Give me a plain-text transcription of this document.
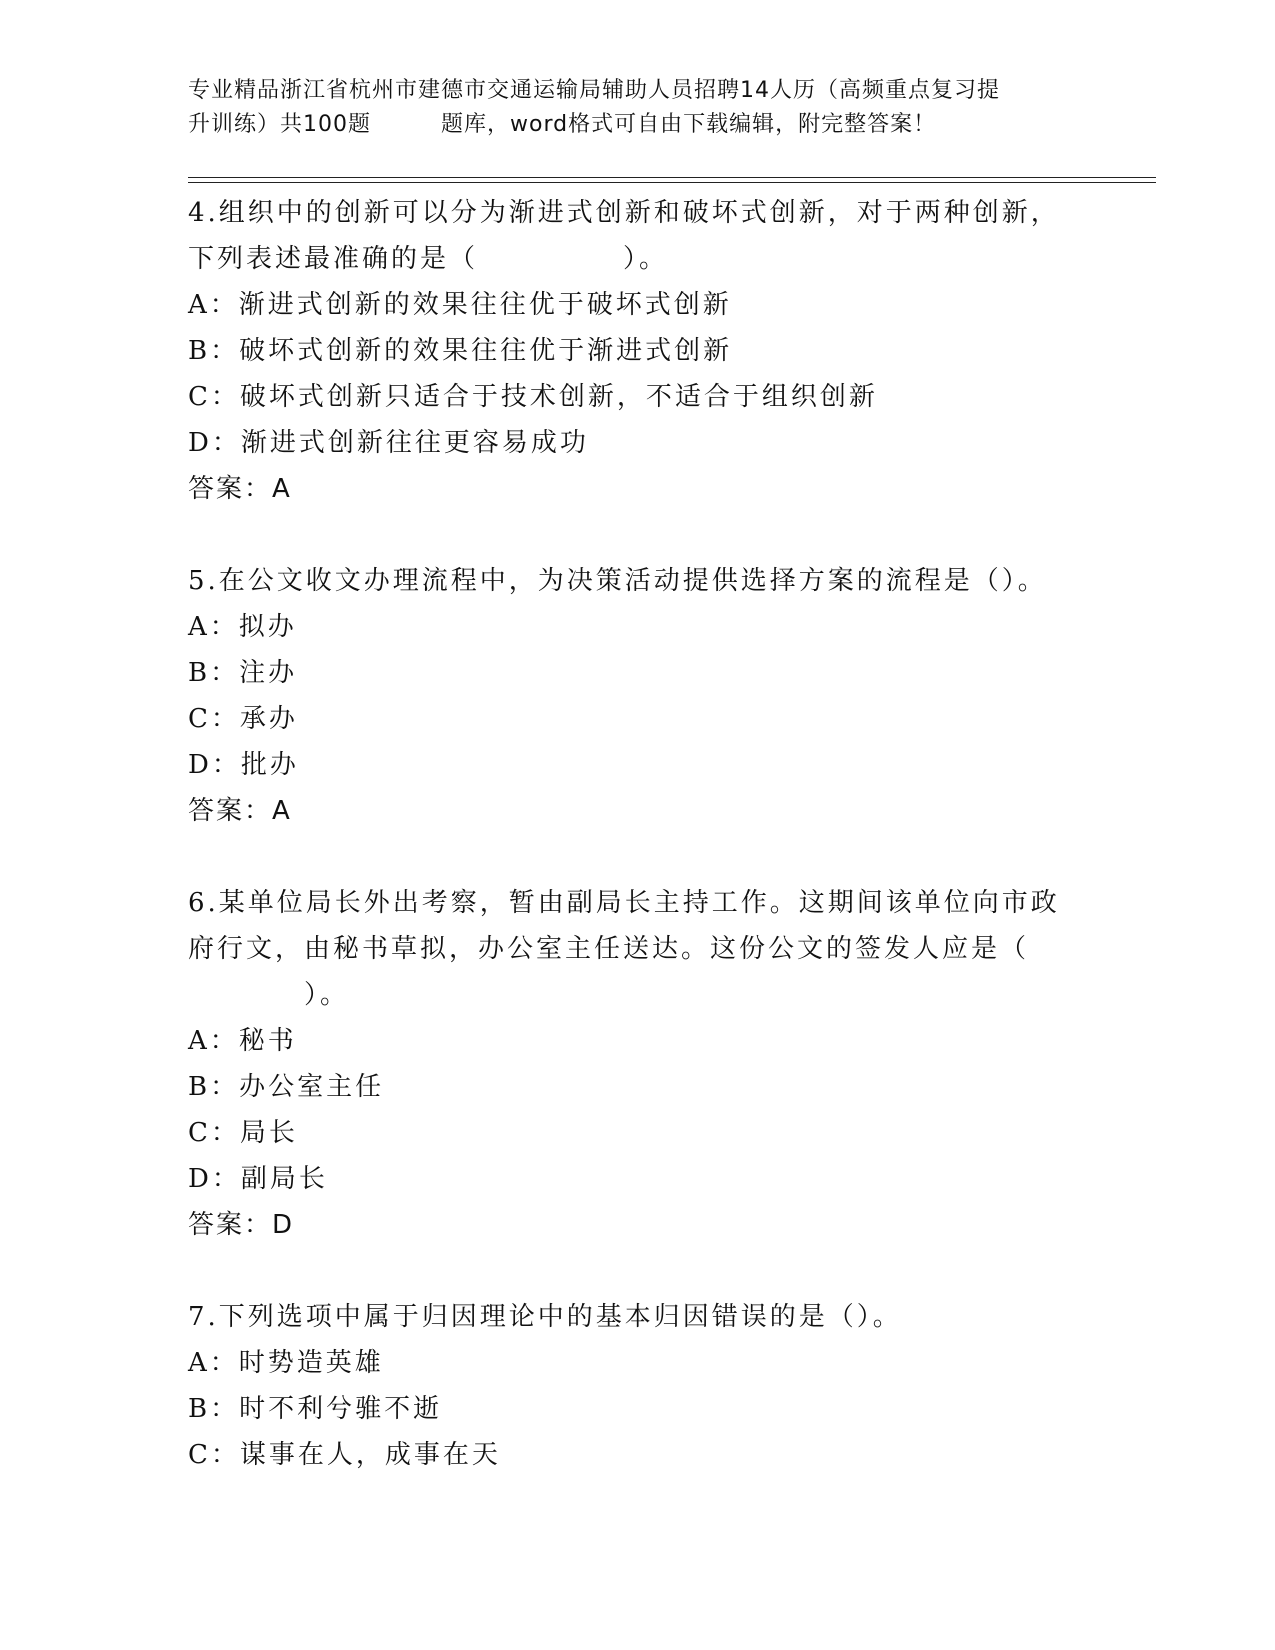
专业精品浙江省杭州市建德市交通运输局辅助人员招聘14人历（高频重点复习提
升训练）共100题	题库，word格式可自由下载编辑，附完整答案！
4.组织中的创新可以分为渐进式创新和破坏式创新，对于两种创新，
下列表述最准确的是（　　　　　）。
A：渐进式创新的效果往往优于破坏式创新
B：破坏式创新的效果往往优于渐进式创新
C：破坏式创新只适合于技术创新，不适合于组织创新
D：渐进式创新往往更容易成功
答案：A
5.在公文收文办理流程中，为决策活动提供选择方案的流程是（）。
A：拟办
B：注办
C：承办
D：批办
答案：A
6.某单位局长外出考察，暂由副局长主持工作。这期间该单位向市政
府行文，由秘书草拟，办公室主任送达。这份公文的签发人应是（
　　　　）。
A：秘书
B：办公室主任
C：局长
D：副局长
答案：D
7.下列选项中属于归因理论中的基本归因错误的是（）。
A：时势造英雄
B：时不利兮骓不逝
C：谋事在人，成事在天
